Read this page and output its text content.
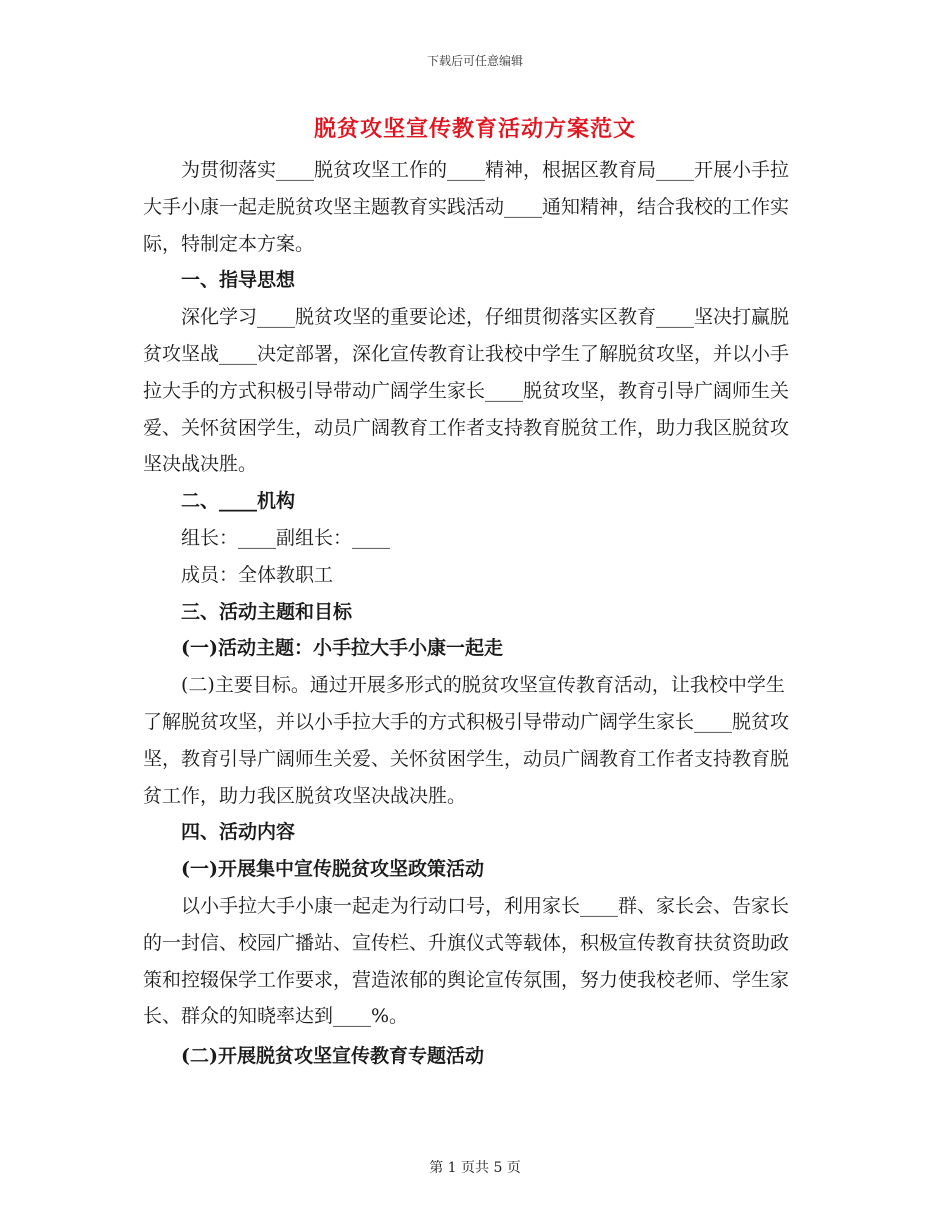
下载后可任意编辑
脱贫攻坚宣传教育活动方案范文

为贯彻落实____脱贫攻坚工作的____精神，根据区教育局____开展小手拉大手小康一起走脱贫攻坚主题教育实践活动____通知精神，结合我校的工作实际，特制定本方案。

一、指导思想

深化学习____脱贫攻坚的重要论述，仔细贯彻落实区教育____坚决打赢脱贫攻坚战____决定部署，深化宣传教育让我校中学生了解脱贫攻坚，并以小手拉大手的方式积极引导带动广阔学生家长____脱贫攻坚，教育引导广阔师生关爱、关怀贫困学生，动员广阔教育工作者支持教育脱贫工作，助力我区脱贫攻坚决战决胜。

二、____机构

组长：____副组长：____

成员：全体教职工

三、活动主题和目标

(一)活动主题：小手拉大手小康一起走

(二)主要目标。通过开展多形式的脱贫攻坚宣传教育活动，让我校中学生了解脱贫攻坚，并以小手拉大手的方式积极引导带动广阔学生家长____脱贫攻坚，教育引导广阔师生关爱、关怀贫困学生，动员广阔教育工作者支持教育脱贫工作，助力我区脱贫攻坚决战决胜。

四、活动内容

(一)开展集中宣传脱贫攻坚政策活动

以小手拉大手小康一起走为行动口号，利用家长____群、家长会、告家长的一封信、校园广播站、宣传栏、升旗仪式等载体，积极宣传教育扶贫资助政策和控辍保学工作要求，营造浓郁的舆论宣传氛围，努力使我校老师、学生家长、群众的知晓率达到____%。

(二)开展脱贫攻坚宣传教育专题活动

第 1 页共 5 页
